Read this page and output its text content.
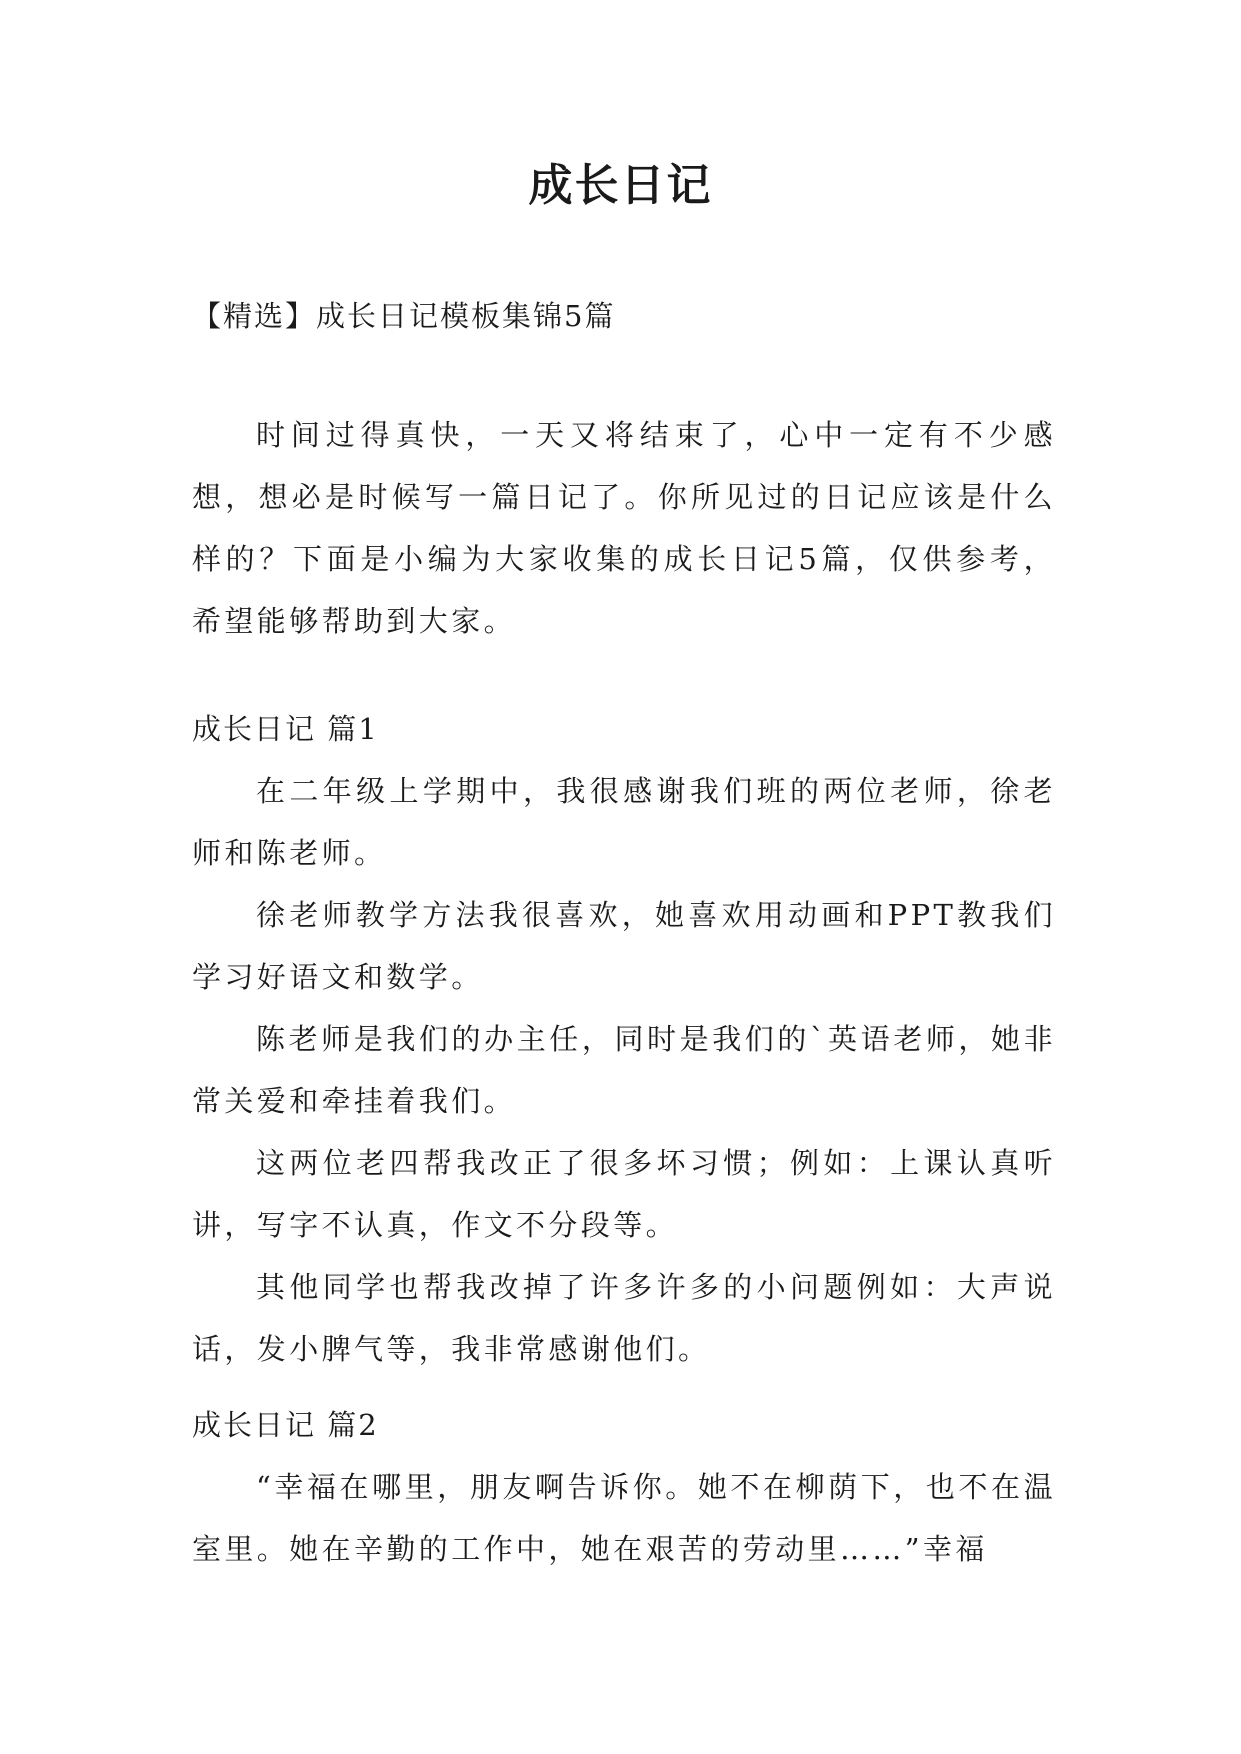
成长日记
【精选】成长日记模板集锦5篇

时间过得真快，一天又将结束了，心中一定有不少感想，想必是时候写一篇日记了。你所见过的日记应该是什么样的？下面是小编为大家收集的成长日记5篇，仅供参考，希望能够帮助到大家。

成长日记 篇1

在二年级上学期中，我很感谢我们班的两位老师，徐老师和陈老师。

徐老师教学方法我很喜欢，她喜欢用动画和PPT教我们学习好语文和数学。

陈老师是我们的办主任，同时是我们的`英语老师，她非常关爱和牵挂着我们。

这两位老四帮我改正了很多坏习惯；例如：上课认真听讲，写字不认真，作文不分段等。

其他同学也帮我改掉了许多许多的小问题例如：大声说话，发小脾气等，我非常感谢他们。

成长日记 篇2

“幸福在哪里，朋友啊告诉你。她不在柳荫下，也不在温室里。她在辛勤的工作中，她在艰苦的劳动里……”幸福
